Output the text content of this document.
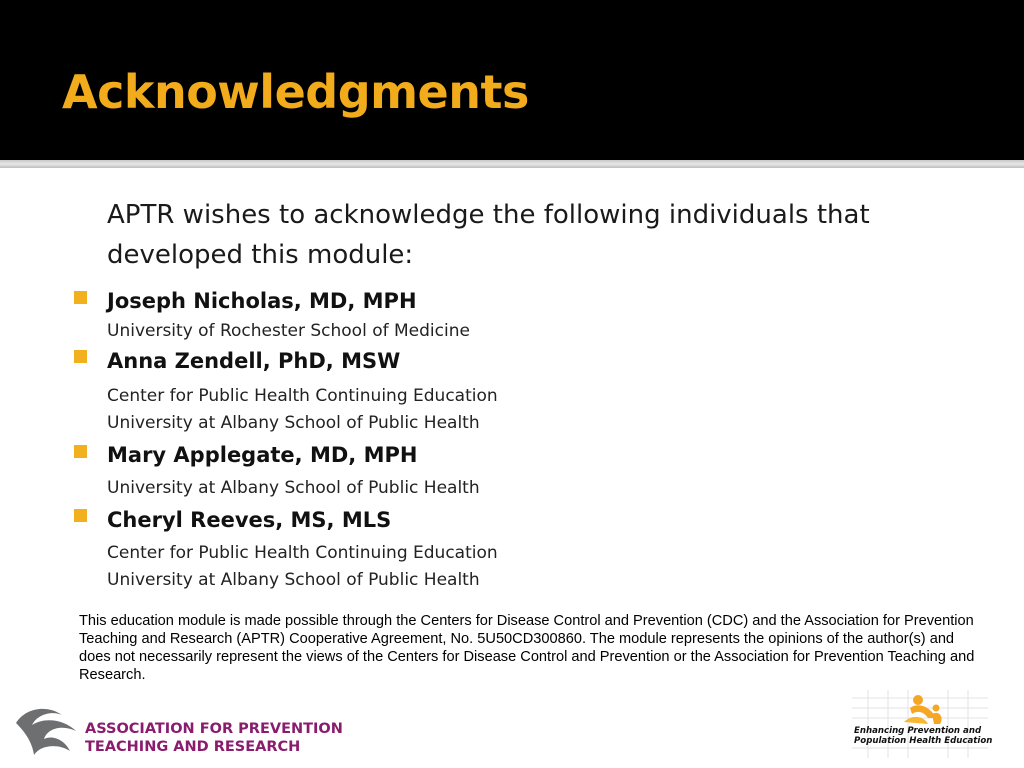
Acknowledgments
APTR wishes to acknowledge the following individuals that developed this module:
Joseph Nicholas, MD, MPH
University of Rochester School of Medicine
Anna Zendell, PhD, MSW
Center for Public Health Continuing Education
University at Albany School of Public Health
Mary Applegate, MD, MPH
University at Albany School of Public Health
Cheryl Reeves, MS, MLS
Center for Public Health Continuing Education
University at Albany School of Public Health
This education module is made possible through the Centers for Disease Control and Prevention (CDC) and the Association for Prevention Teaching and Research (APTR) Cooperative Agreement, No. 5U50CD300860. The module represents the opinions of the author(s) and does not necessarily represent the views of the Centers for Disease Control and Prevention or the Association for Prevention Teaching and Research.
ASSOCIATION FOR PREVENTION
TEACHING AND RESEARCH
Enhancing Prevention and
Population Health Education
